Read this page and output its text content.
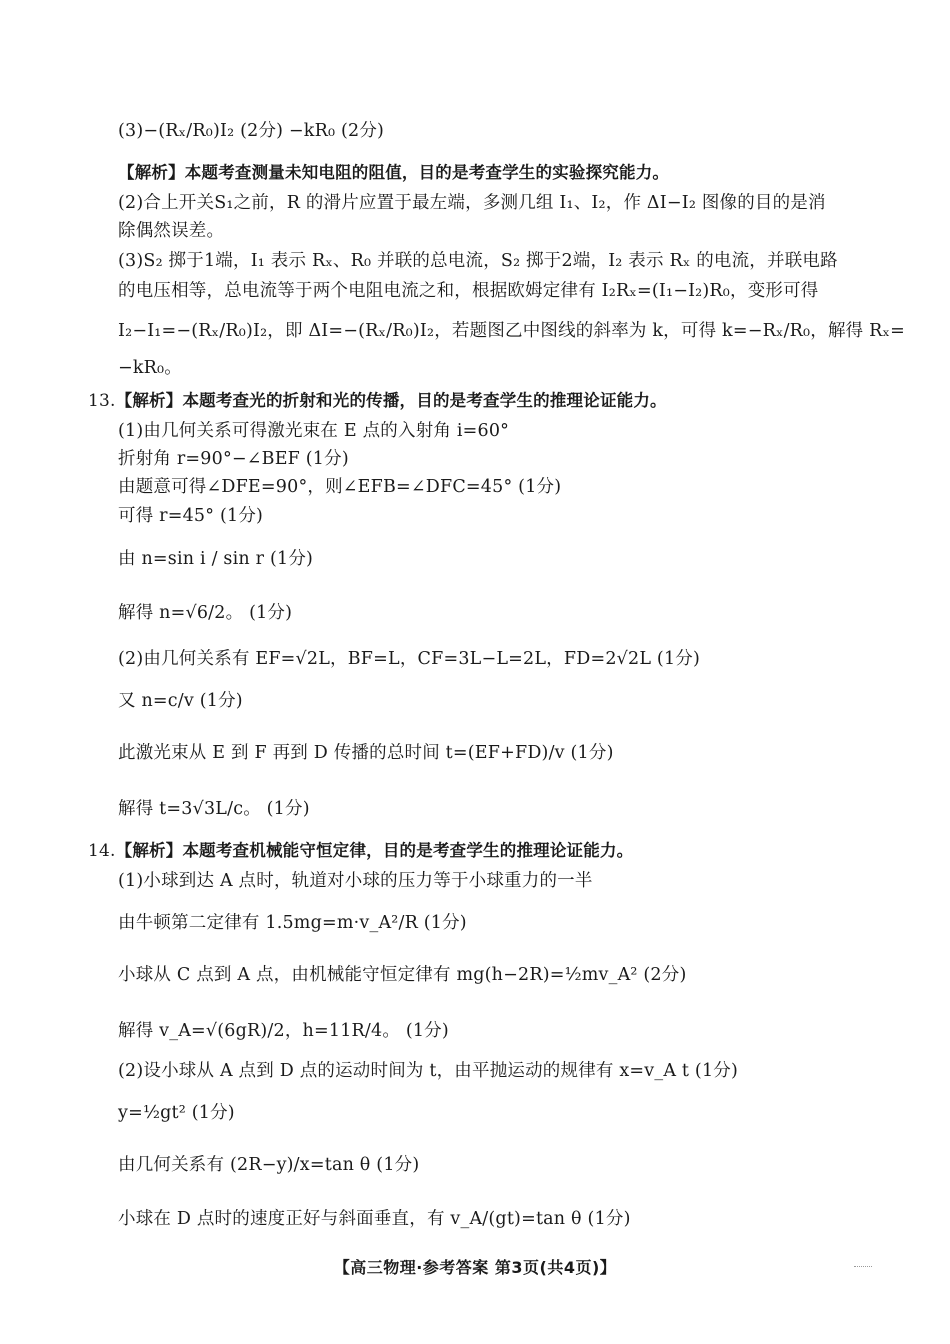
(3)−(Rₓ/R₀)I₂ (2分) −kR₀ (2分)
【解析】本题考查测量未知电阻的阻值，目的是考查学生的实验探究能力。
(2)合上开关S₁之前，R 的滑片应置于最左端，多测几组 I₁、I₂，作 ΔI−I₂ 图像的目的是消
除偶然误差。
(3)S₂ 掷于1端，I₁ 表示 Rₓ、R₀ 并联的总电流，S₂ 掷于2端，I₂ 表示 Rₓ 的电流，并联电路
的电压相等，总电流等于两个电阻电流之和，根据欧姆定律有 I₂Rₓ=(I₁−I₂)R₀，变形可得
I₂−I₁=−(Rₓ/R₀)I₂，即 ΔI=−(Rₓ/R₀)I₂，若题图乙中图线的斜率为 k，可得 k=−Rₓ/R₀，解得 Rₓ=
−kR₀。
13.【解析】本题考查光的折射和光的传播，目的是考查学生的推理论证能力。
(1)由几何关系可得激光束在 E 点的入射角 i=60°
折射角 r=90°−∠BEF (1分)
由题意可得∠DFE=90°，则∠EFB=∠DFC=45° (1分)
可得 r=45° (1分)
由 n=sin i / sin r (1分)
解得 n=√6/2。 (1分)
(2)由几何关系有 EF=√2L，BF=L，CF=3L−L=2L，FD=2√2L (1分)
又 n=c/v (1分)
此激光束从 E 到 F 再到 D 传播的总时间 t=(EF+FD)/v (1分)
解得 t=3√3L/c。 (1分)
14.【解析】本题考查机械能守恒定律，目的是考查学生的推理论证能力。
(1)小球到达 A 点时，轨道对小球的压力等于小球重力的一半
由牛顿第二定律有 1.5mg=m·v_A²/R (1分)
小球从 C 点到 A 点，由机械能守恒定律有 mg(h−2R)=½mv_A² (2分)
解得 v_A=√(6gR)/2，h=11R/4。 (1分)
(2)设小球从 A 点到 D 点的运动时间为 t，由平抛运动的规律有 x=v_A t (1分)
y=½gt² (1分)
由几何关系有 (2R−y)/x=tan θ (1分)
小球在 D 点时的速度正好与斜面垂直，有 v_A/(gt)=tan θ (1分)
【高三物理·参考答案 第3页(共4页)】
